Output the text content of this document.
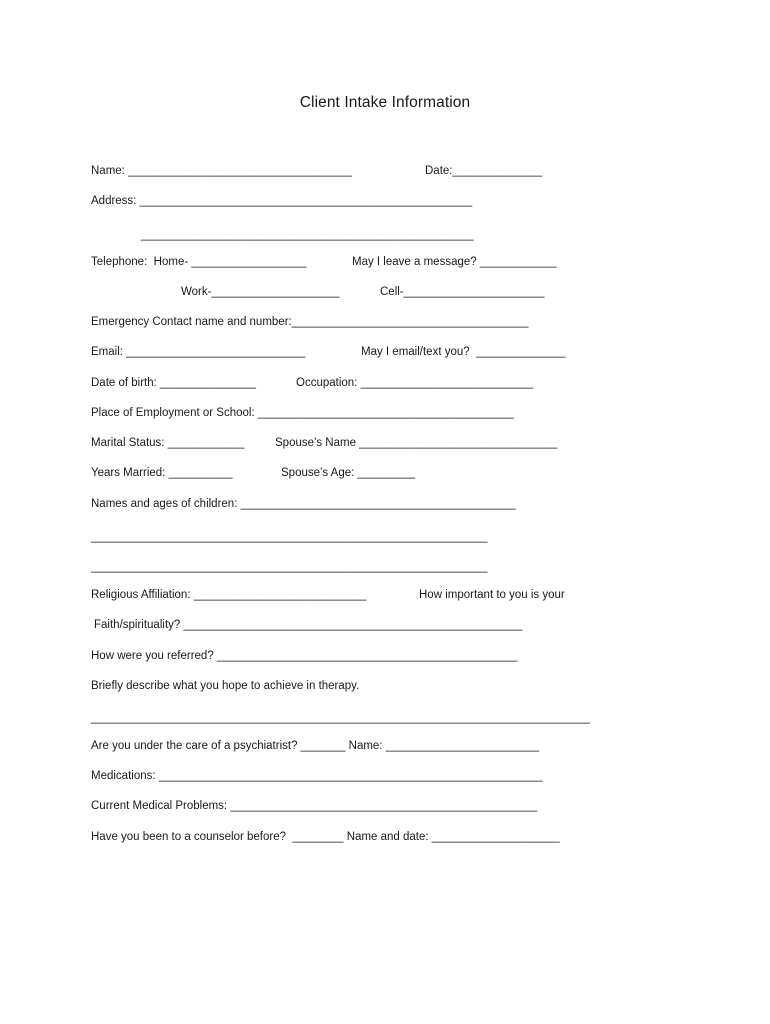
Client Intake Information
Name: ___________________________________	Date:______________
Address: ____________________________________________________
____________________________________________________
Telephone:  Home- __________________	May I leave a message? ____________
Work-____________________	Cell-______________________
Emergency Contact name and number:_____________________________________
Email: ____________________________	May I email/text you?  ______________
Date of birth: _______________	Occupation: ___________________________
Place of Employment or School: ________________________________________
Marital Status: ____________	Spouse’s Name _______________________________
Years Married: __________	Spouse’s Age: _________
Names and ages of children: ___________________________________________
______________________________________________________________
______________________________________________________________
Religious Affiliation: ___________________________	How important to you is your
Faith/spirituality? _____________________________________________________
How were you referred? _______________________________________________
Briefly describe what you hope to achieve in therapy.
______________________________________________________________________________
Are you under the care of a psychiatrist? _______ Name: ________________________
Medications: ____________________________________________________________
Current Medical Problems: ________________________________________________
Have you been to a counselor before?  ________ Name and date: ____________________
